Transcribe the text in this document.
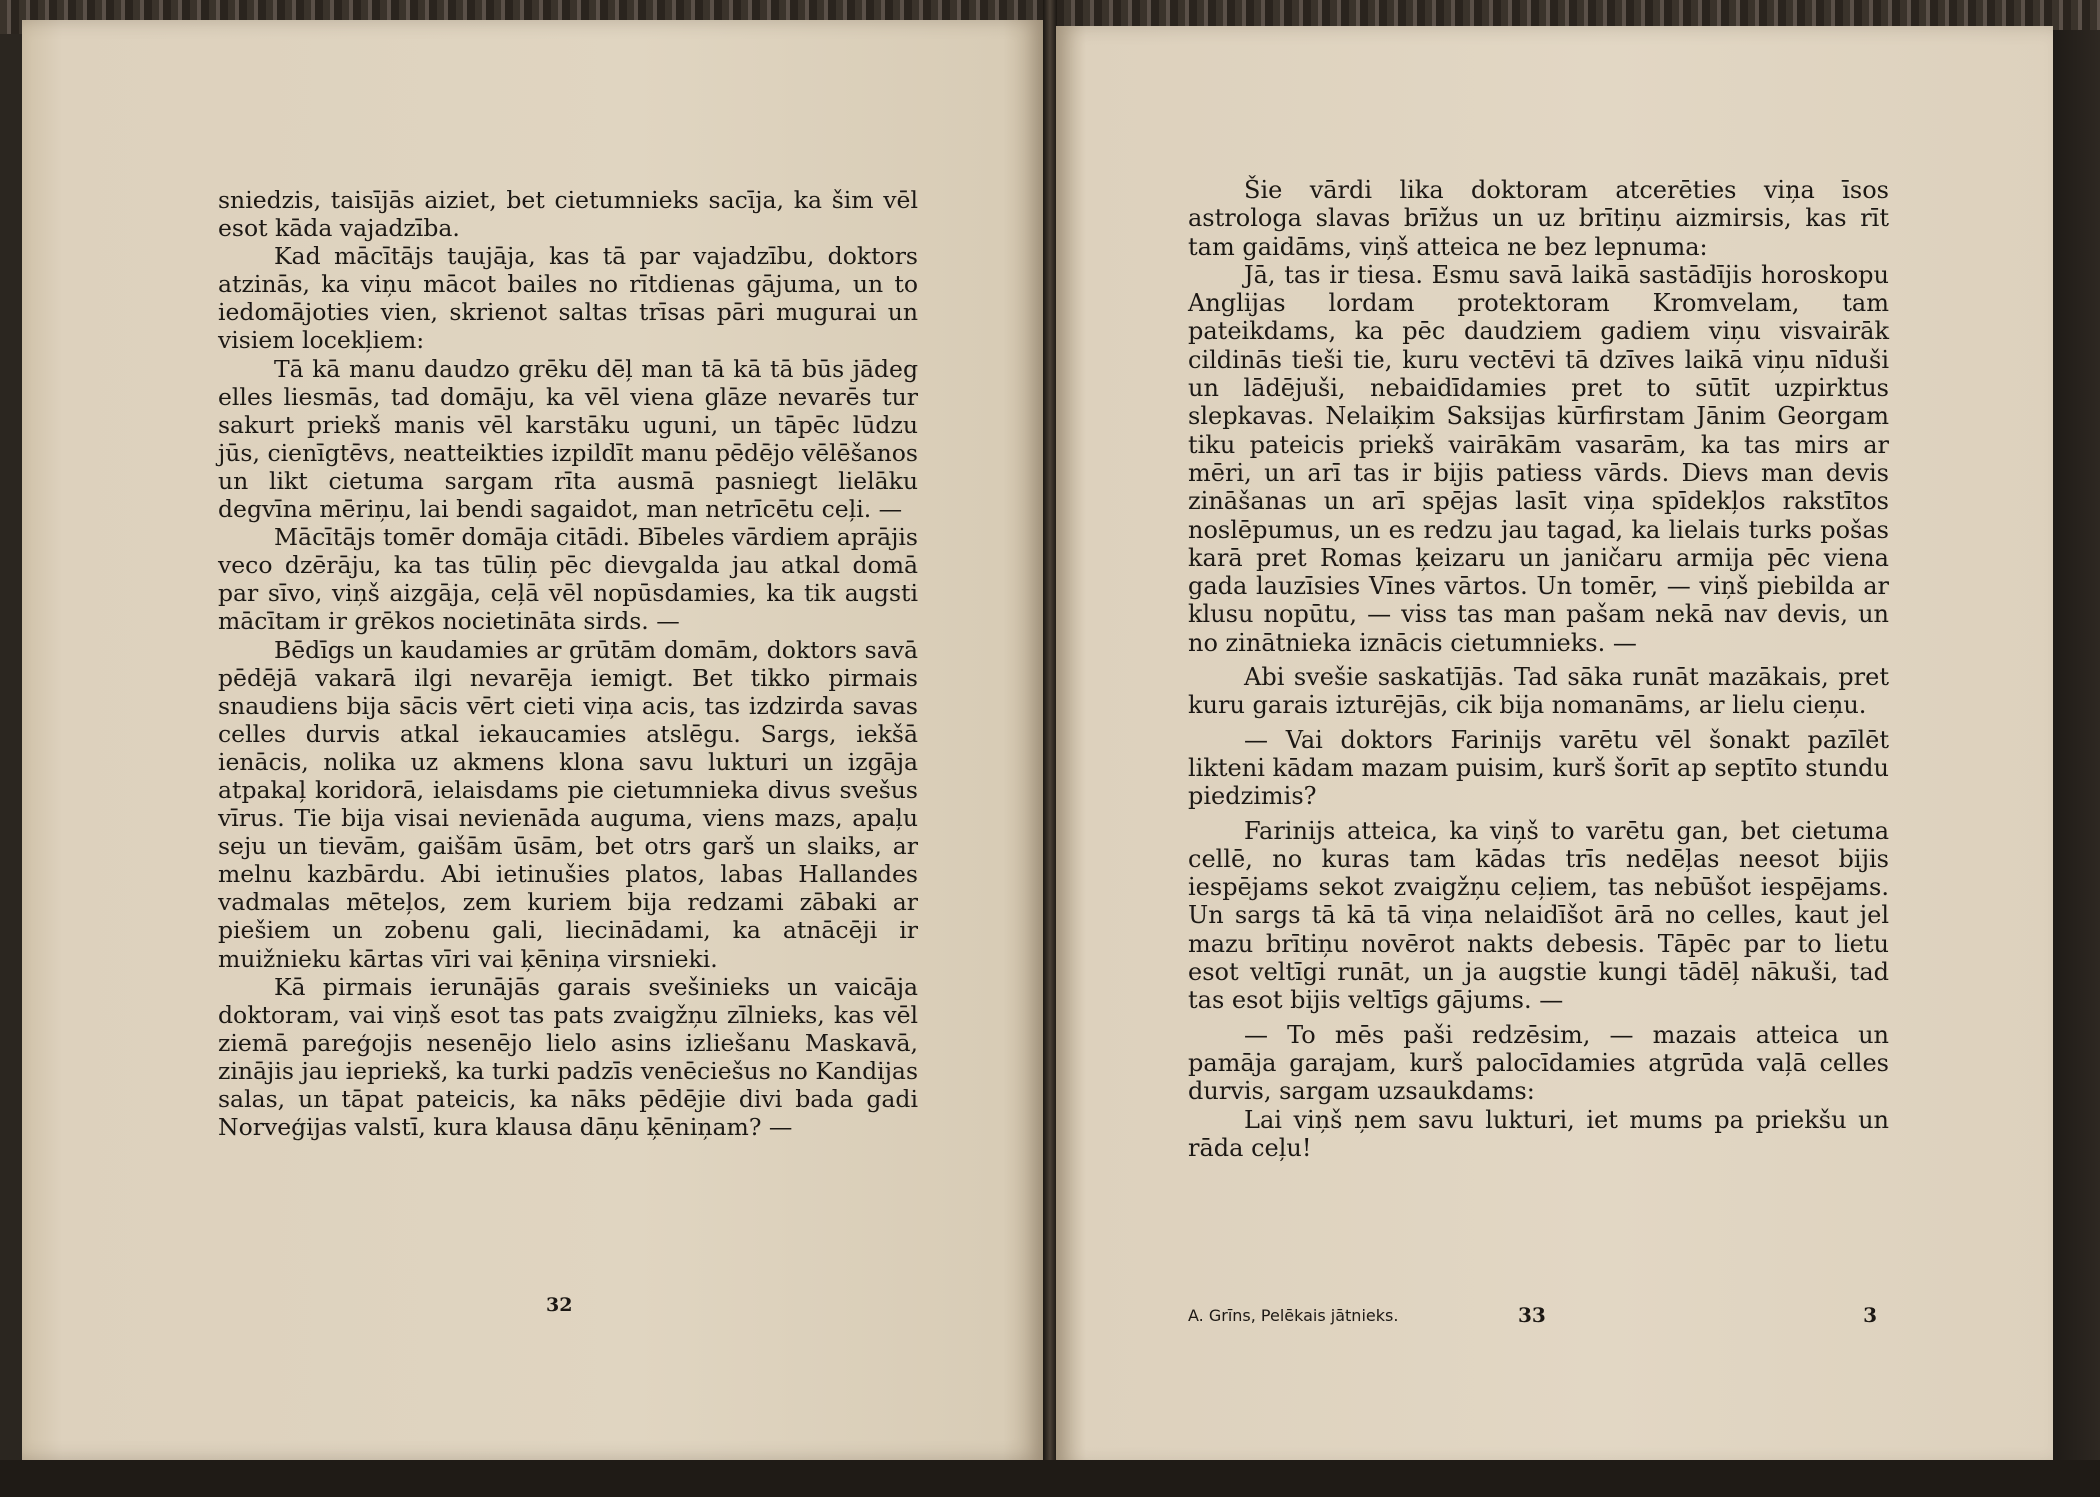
sniedzis, taisījās aiziet, bet cietumnieks sacīja, ka šim vēl esot kāda vajadzība.

Kad mācītājs taujāja, kas tā par vajadzību, doktors atzinās, ka viņu mācot bailes no rītdienas gājuma, un to iedomājoties vien, skrienot saltas trīsas pāri mugurai un visiem locekļiem:

Tā kā manu daudzo grēku dēļ man tā kā tā būs jādeg elles liesmās, tad domāju, ka vēl viena glāze nevarēs tur sakurt priekš manis vēl karstāku uguni, un tāpēc lūdzu jūs, cienīgtēvs, neatteikties izpildīt manu pēdējo vēlēšanos un likt cietuma sargam rīta ausmā pasniegt lielāku degvīna mēriņu, lai bendi sagaidot, man netrīcētu ceļi. —

Mācītājs tomēr domāja citādi. Bībeles vārdiem aprājis veco dzērāju, ka tas tūliņ pēc dievgalda jau atkal domā par sīvo, viņš aizgāja, ceļā vēl nopūsdamies, ka tik augsti mācītam ir grēkos nocietināta sirds. —

Bēdīgs un kaudamies ar grūtām domām, doktors savā pēdējā vakarā ilgi nevarēja iemigt. Bet tikko pirmais snaudiens bija sācis vērt cieti viņa acis, tas izdzirda savas celles durvis atkal iekaucamies atslēgu. Sargs, iekšā ienācis, nolika uz akmens klona savu lukturi un izgāja atpakaļ koridorā, ielaisdams pie cietumnieka divus svešus vīrus. Tie bija visai nevienāda auguma, viens mazs, apaļu seju un tievām, gaišām ūsām, bet otrs garš un slaiks, ar melnu kazbārdu. Abi ietinušies platos, labas Hallandes vadmalas mēteļos, zem kuriem bija redzami zābaki ar piešiem un zobenu gali, liecinādami, ka atnācēji ir muižnieku kārtas vīri vai ķēniņa virsnieki.

Kā pirmais ierunājās garais svešinieks un vaicāja doktoram, vai viņš esot tas pats zvaigžņu zīlnieks, kas vēl ziemā pareģojis nesenējo lielo asins izliešanu Maskavā, zinājis jau iepriekš, ka turki padzīs venēciešus no Kandijas salas, un tāpat pateicis, ka nāks pēdējie divi bada gadi Norveģijas valstī, kura klausa dāņu ķēniņam? —

32

Šie vārdi lika doktoram atcerēties viņa īsos astrologa slavas brīžus un uz brītiņu aizmirsis, kas rīt tam gaidāms, viņš atteica ne bez lepnuma:

Jā, tas ir tiesa. Esmu savā laikā sastādījis horoskopu Anglijas lordam protektoram Kromvelam, tam pateikdams, ka pēc daudziem gadiem viņu visvairāk cildinās tieši tie, kuru vectēvi tā dzīves laikā viņu nīduši un lādējuši, nebaidīdamies pret to sūtīt uzpirktus slepkavas. Nelaiķim Saksijas kūrfirstam Jānim Georgam tiku pateicis priekš vairākām vasarām, ka tas mirs ar mēri, un arī tas ir bijis patiess vārds. Dievs man devis zināšanas un arī spējas lasīt viņa spīdekļos rakstītos noslēpumus, un es redzu jau tagad, ka lielais turks pošas karā pret Romas ķeizaru un janičaru armija pēc viena gada lauzīsies Vīnes vārtos. Un tomēr, — viņš piebilda ar klusu nopūtu, — viss tas man pašam nekā nav devis, un no zinātnieka iznācis cietumnieks. —

Abi svešie saskatījās. Tad sāka runāt mazākais, pret kuru garais izturējās, cik bija nomanāms, ar lielu cieņu.

— Vai doktors Farinijs varētu vēl šonakt pazīlēt likteni kādam mazam puisim, kurš šorīt ap septīto stundu piedzimis?

Farinijs atteica, ka viņš to varētu gan, bet cietuma cellē, no kuras tam kādas trīs nedēļas neesot bijis iespējams sekot zvaigžņu ceļiem, tas nebūšot iespējams. Un sargs tā kā tā viņa nelaidīšot ārā no celles, kaut jel mazu brītiņu novērot nakts debesis. Tāpēc par to lietu esot veltīgi runāt, un ja augstie kungi tādēļ nākuši, tad tas esot bijis veltīgs gājums. —

— To mēs paši redzēsim, — mazais atteica un pamāja garajam, kurš palocīdamies atgrūda vaļā celles durvis, sargam uzsaukdams:

Lai viņš ņem savu lukturi, iet mums pa priekšu un rāda ceļu!

A. Grīns, Pelēkais jātnieks.	33	3
